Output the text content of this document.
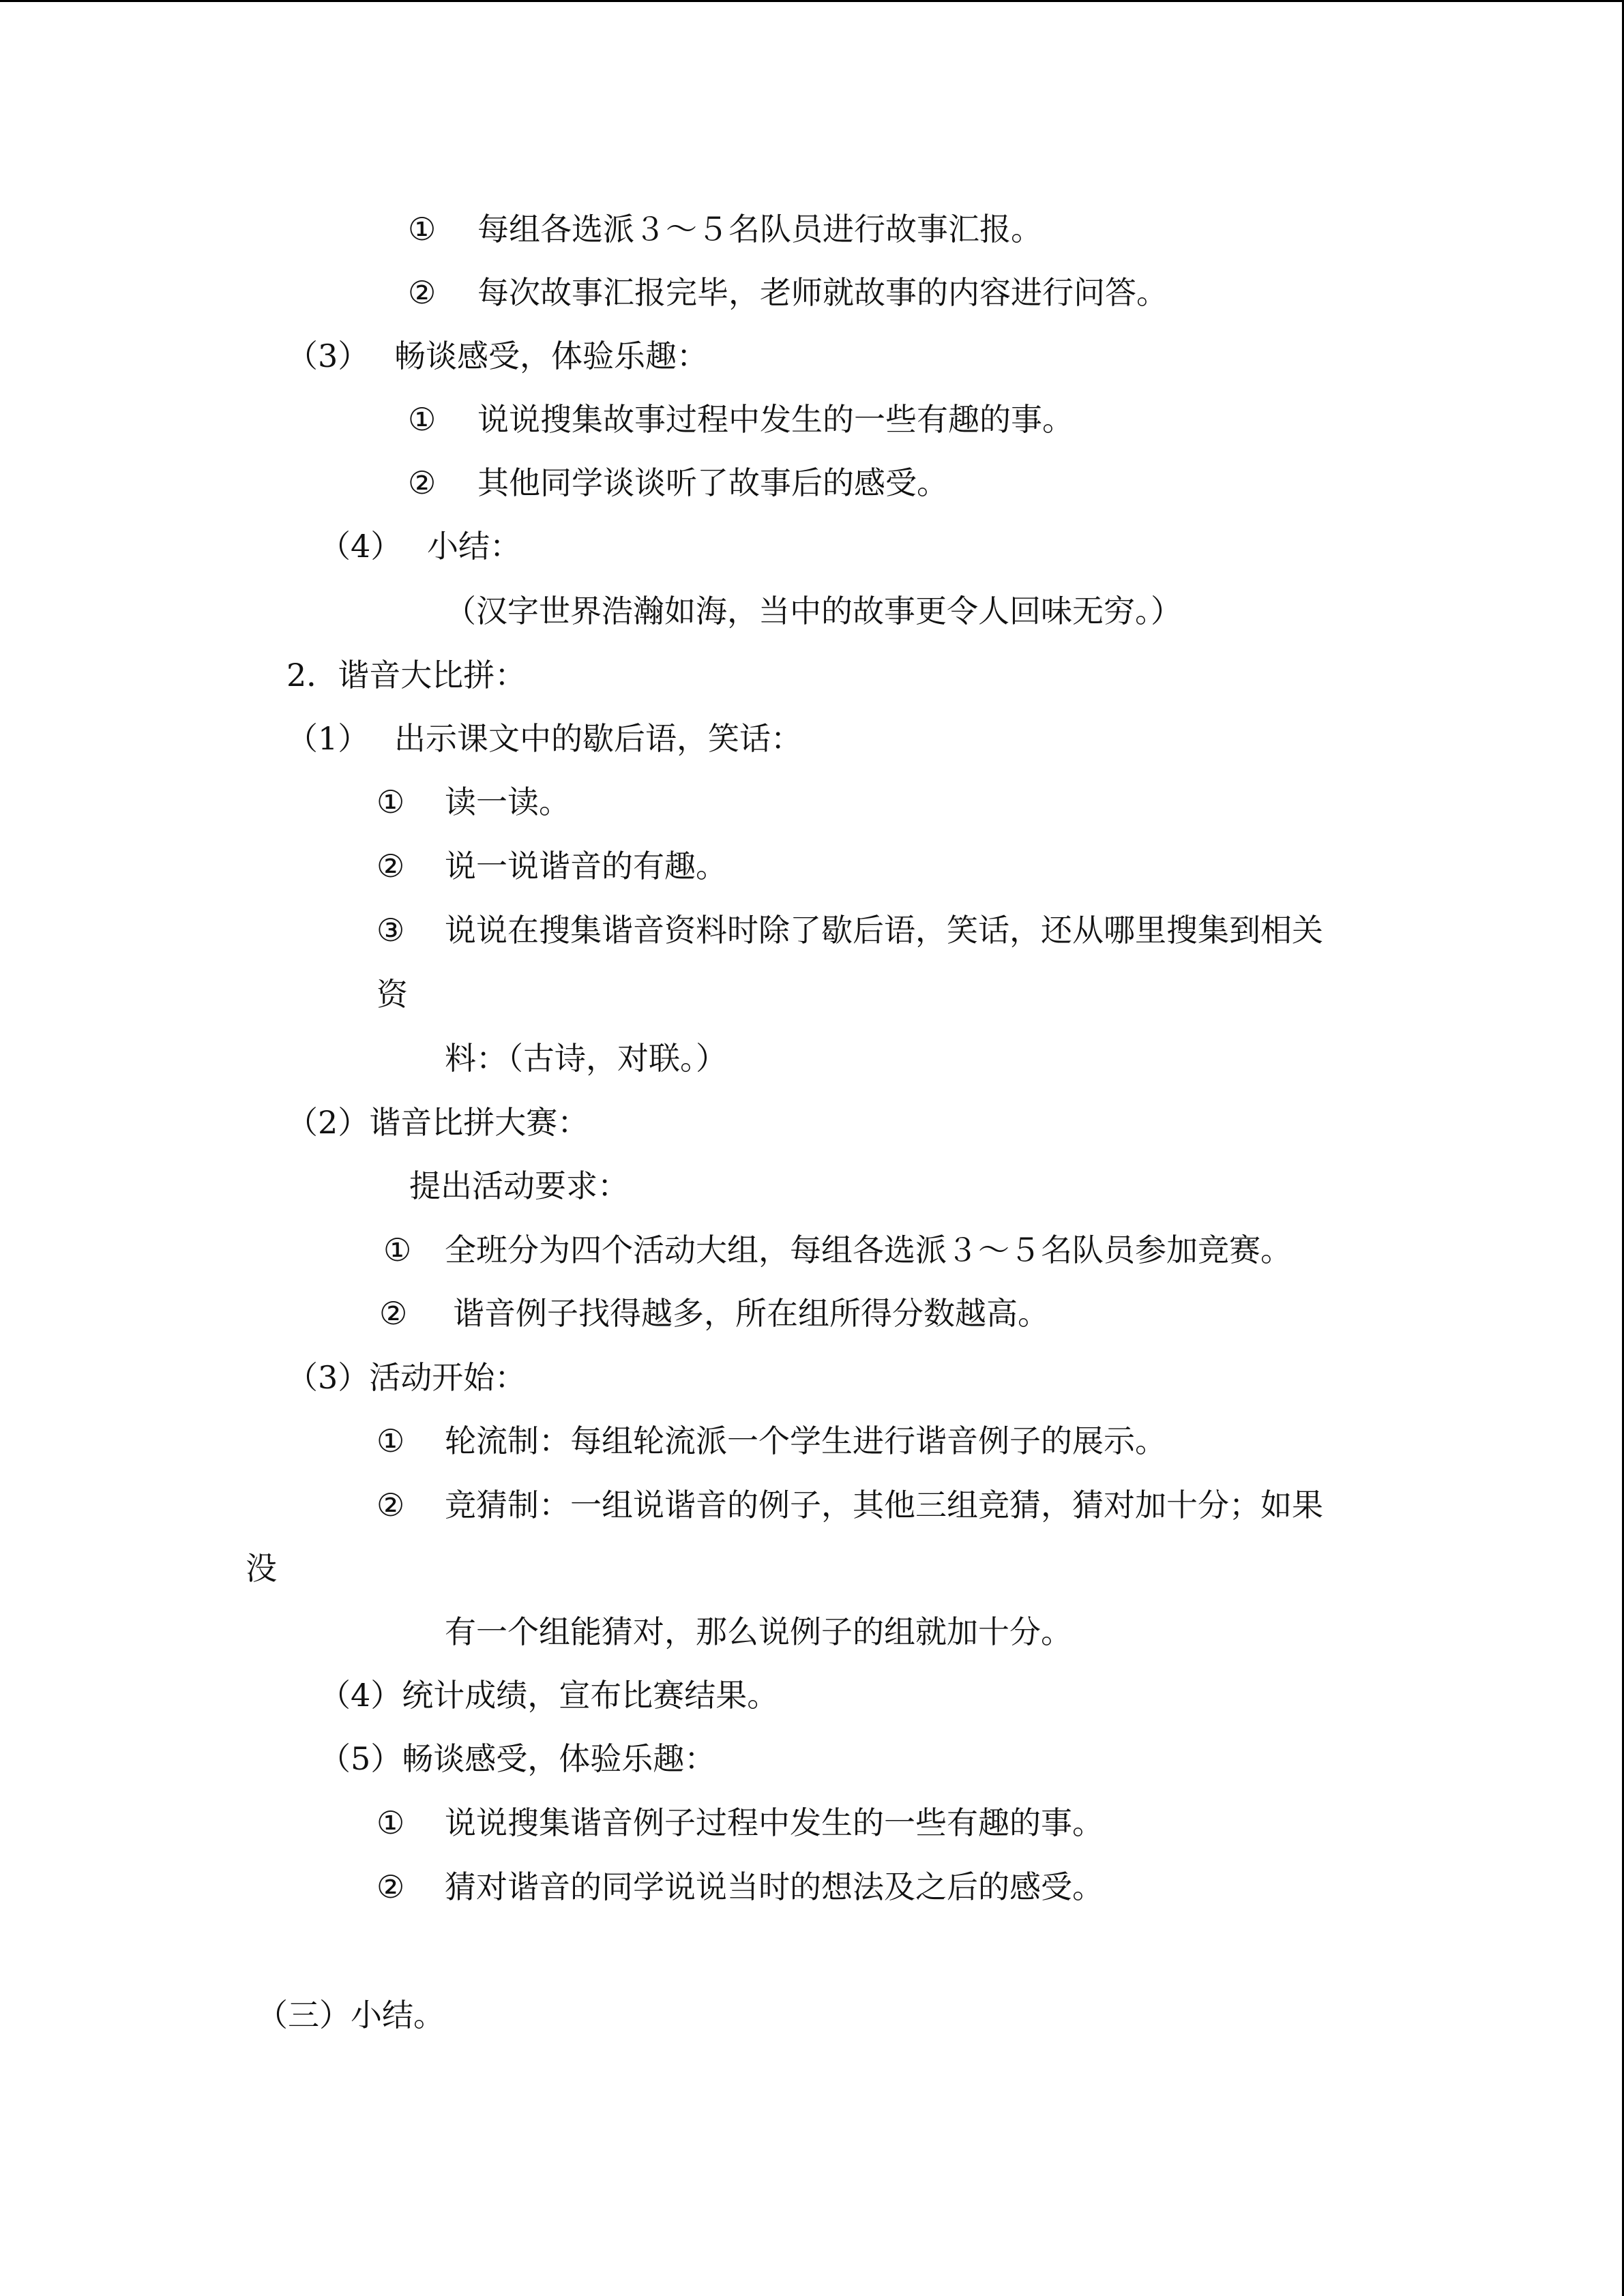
① 每组各选派３～５名队员进行故事汇报。
② 每次故事汇报完毕，老师就故事的内容进行问答。
（3） 畅谈感受，体验乐趣：
① 说说搜集故事过程中发生的一些有趣的事。
② 其他同学谈谈听了故事后的感受。
（4） 小结：
（汉字世界浩瀚如海，当中的故事更令人回味无穷。）
2．谐音大比拼：
（1） 出示课文中的歇后语，笑话：
① 读一读。
② 说一说谐音的有趣。
③ 说说在搜集谐音资料时除了歇后语，笑话，还从哪里搜集到相关
资
料：（古诗，对联。）
（2）谐音比拼大赛：
提出活动要求：
① 全班分为四个活动大组，每组各选派３～５名队员参加竞赛。
② 谐音例子找得越多，所在组所得分数越高。
（3）活动开始：
① 轮流制：每组轮流派一个学生进行谐音例子的展示。
② 竞猜制：一组说谐音的例子，其他三组竞猜，猜对加十分；如果
没
有一个组能猜对，那么说例子的组就加十分。
（4）统计成绩，宣布比赛结果。
（5）畅谈感受，体验乐趣：
① 说说搜集谐音例子过程中发生的一些有趣的事。
② 猜对谐音的同学说说当时的想法及之后的感受。
（三）小结。
